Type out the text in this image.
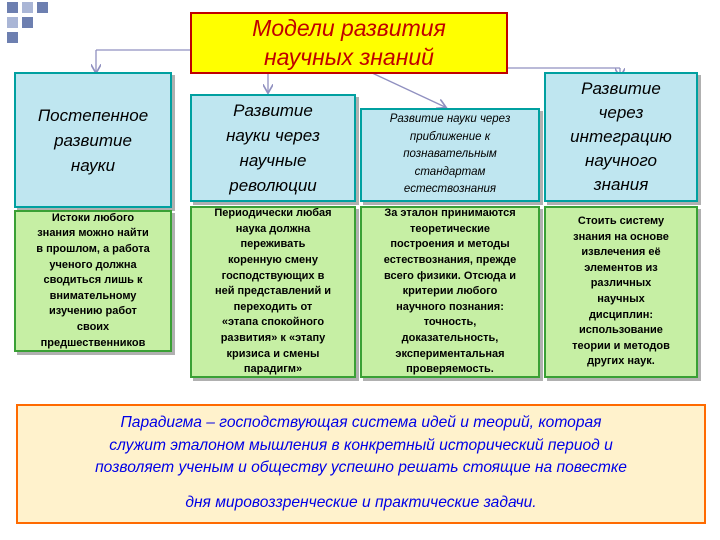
Модели развития
научных знаний
Постепенное
развитие
науки
Истоки любого
знания можно найти
в прошлом, а работа
ученого должна
сводиться лишь к
внимательному
изучению работ
своих
предшественников
Развитие
науки через
научные
революции
Периодически любая
наука должна
переживать
коренную смену
господствующих в
ней представлений и
переходить от
«этапа спокойного
развития» к «этапу
кризиса и смены
парадигм»
Развитие науки через
приближение к
познавательным
стандартам
естествознания
За эталон принимаются
теоретические
построения и методы
естествознания, прежде
всего физики. Отсюда и
критерии любого
научного познания:
точность,
доказательность,
экспериментальная
проверяемость.
Развитие
через
интеграцию
научного
знания
Стоить систему
знания на основе
извлечения её
элементов из
различных
научных
дисциплин:
использование
теории и методов
других наук.
Парадигма – господствующая система идей и теорий, которая
служит эталоном мышления в конкретный исторический период и
позволяет ученым и обществу успешно решать стоящие на повестке
дня мировоззренческие и практические задачи.
